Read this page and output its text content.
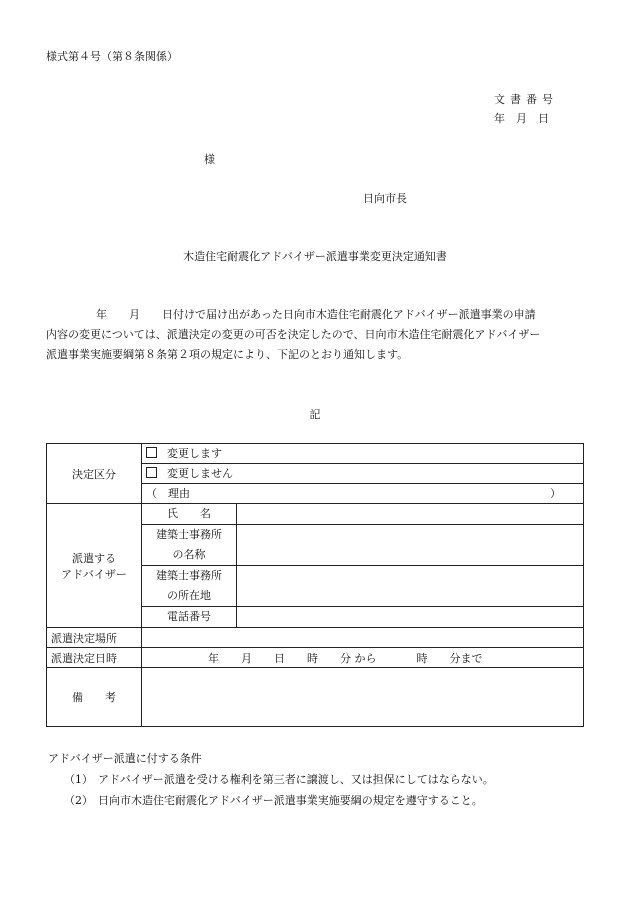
様式第４号（第８条関係）
文書番号
年　月　日
様
日向市長
木造住宅耐震化アドバイザー派遣事業変更決定通知書
年　　月　　日付けで届け出があった日向市木造住宅耐震化アドバイザー派遣事業の申請
内容の変更については、派遣決定の変更の可否を決定したので、日向市木造住宅耐震化アドバイザー
派遣事業実施要綱第８条第２項の規定により、下記のとおり通知します。
記
決定区分	変更します	

	変更しません	

	（　理由 ）	

派遣する
アドバイザー	氏　　名	

	建築士事務所
の名称	

	建築士事務所
の所在地	

	電話番号	
派遣決定場所		
派遣決定日時	年 月 日 時 分 から 時 分まで	
備　　考		
アドバイザー派遣に付する条件
（1） アドバイザー派遣を受ける権利を第三者に譲渡し、又は担保にしてはならない。
（2） 日向市木造住宅耐震化アドバイザー派遣事業実施要綱の規定を遵守すること。
